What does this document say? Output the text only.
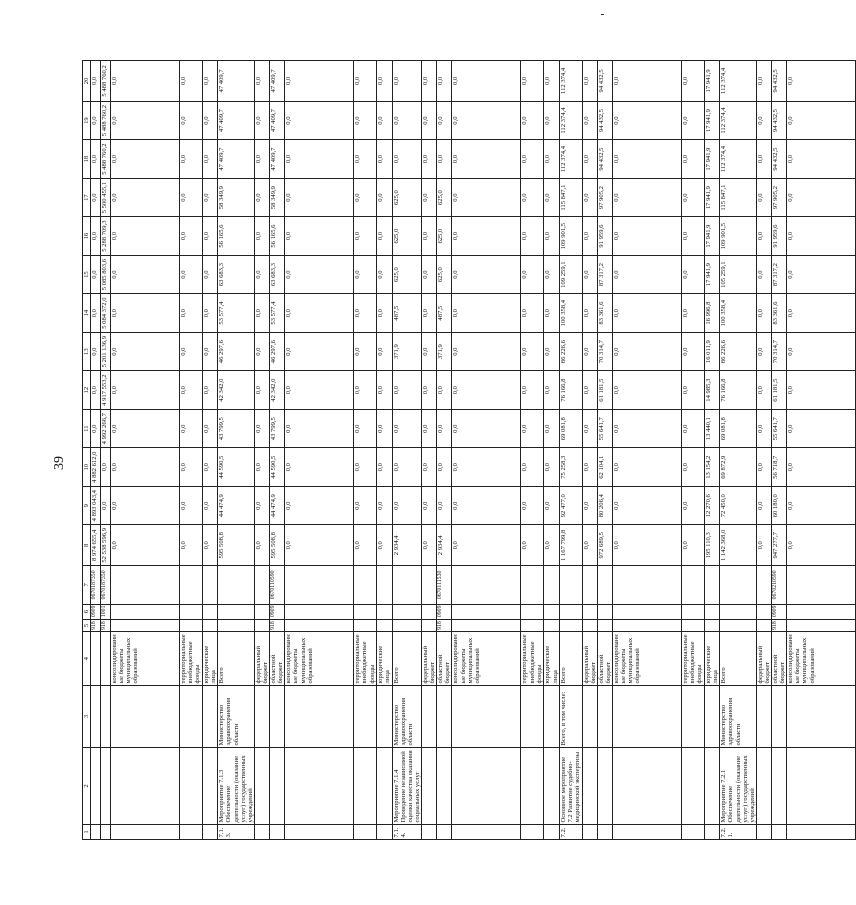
39
1	2	3	4	5	6	7	8	9	10	11	12	13	14	15	16	17	18	19	20
				918	0909	0670187350	8 974 655,4	4 893 043,4	4 882 612,0	0,0	0,0	0,0	0,0	0,0	0,0	0,0	0,0	0,0	0,0
				918	1001	0670187350	52 538 596,9	0,0	0,0	4 992 266,7	4 917 553,2	5 201 136,9	5 084 372,0	5 085 803,6	5 288 709,3	5 500 455,1	5 488 760,2	5 488 760,2	5 488 760,2
			консолидированные бюджеты муниципальных образований				0,0	0,0	0,0	0,0	0,0	0,0	0,0	0,0	0,0	0,0	0,0	0,0	0,0
			территориальные внебюджетные фонды				0,0	0,0	0,0	0,0	0,0	0,0	0,0	0,0	0,0	0,0	0,0	0,0	0,0
			юридические лица				0,0	0,0	0,0	0,0	0,0	0,0	0,0	0,0	0,0	0,0	0,0	0,0	0,0
7.1.3.	Мероприятие 7.1.3 Обеспечение деятельности (оказание услуг) государственных учреждений	Министерство здравоохранения области	Всего				595 508,8	44 474,9	44 590,5	43 799,5	42 342,0	46 297,6	53 577,4	63 683,3	56 165,6	58 349,9	47 409,7	47 409,7	47 409,7
			федеральный бюджет				0,0	0,0	0,0	0,0	0,0	0,0	0,0	0,0	0,0	0,0	0,0	0,0	0,0
			областной бюджет	918	0909	0670110590	595 508,8	44 474,9	44 590,5	43 799,5	42 342,0	46 297,6	53 577,4	63 683,3	56 165,6	58 349,9	47 409,7	47 409,7	47 409,7
			консолидированные бюджеты муниципальных образований				0,0	0,0	0,0	0,0	0,0	0,0	0,0	0,0	0,0	0,0	0,0	0,0	0,0
			территориальные внебюджетные фонды				0,0	0,0	0,0	0,0	0,0	0,0	0,0	0,0	0,0	0,0	0,0	0,0	0,0
			юридические лица				0,0	0,0	0,0	0,0	0,0	0,0	0,0	0,0	0,0	0,0	0,0	0,0	0,0
7.1.4.	Мероприятие 7.1.4 Проведение независимой оценки качества оказания социальных услуг	Министерство здравоохранения области	Всего				2 934,4	0,0	0,0	0,0	0,0	371,9	487,5	625,0	625,0	625,0	0,0	0,0	0,0
			федеральный бюджет				0,0	0,0	0,0	0,0	0,0	0,0	0,0	0,0	0,0	0,0	0,0	0,0	0,0
			областной бюджет	918	0909	0670111530	2 934,4	0,0	0,0	0,0	0,0	371,9	487,5	625,0	625,0	625,0	0,0	0,0	0,0
			консолидированные бюджеты муниципальных образований				0,0	0,0	0,0	0,0	0,0	0,0	0,0	0,0	0,0	0,0	0,0	0,0	0,0
			территориальные внебюджетные фонды				0,0	0,0	0,0	0,0	0,0	0,0	0,0	0,0	0,0	0,0	0,0	0,0	0,0
			юридические лица				0,0	0,0	0,0	0,0	0,0	0,0	0,0	0,0	0,0	0,0	0,0	0,0	0,0
7.2.	Основное мероприятие 7.2 Развитие судебно-медицинской экспертизы	Всего, в том числе:	Всего				1 167 799,8	92 477,0	75 258,3	69 081,8	76 166,8	86 226,6	100 358,4	109 259,1	109 901,5	115 847,1	112 374,4	112 374,4	112 374,4
			федеральный бюджет				0,0	0,0	0,0	0,0	0,0	0,0	0,0	0,0	0,0	0,0	0,0	0,0	0,0
			областной бюджет				972 689,5	80 206,4	62 104,1	55 641,7	61 181,5	70 314,7	83 361,6	87 317,2	91 959,6	97 905,2	94 432,5	94 432,5	94 432,5
			консолидированные бюджеты муниципальных образований				0,0	0,0	0,0	0,0	0,0	0,0	0,0	0,0	0,0	0,0	0,0	0,0	0,0
			территориальные внебюджетные фонды				0,0	0,0	0,0	0,0	0,0	0,0	0,0	0,0	0,0	0,0	0,0	0,0	0,0
			юридические лица				195 110,3	12 270,6	13 154,2	13 440,1	14 985,3	16 011,9	16 996,8	17 941,9	17 941,9	17 941,9	17 941,9	17 941,9	17 941,9
7.2.1.	Мероприятие 7.2.1 Обеспечение деятельности (оказание услуг) государственных учреждений	Министерство здравоохранения области	Всего				1 142 368,0	72 450,0	69 872,9	69 081,8	76 166,8	86 226,6	100 358,4	105 259,1	109 901,5	115 847,1	112 374,4	112 374,4	112 374,4
			федеральный бюджет				0,0	0,0	0,0	0,0	0,0	0,0	0,0	0,0	0,0	0,0	0,0	0,0	0,0
			областной бюджет	918	0909	0670210590	947 277,7	60 180,0	56 718,7	55 641,7	61 181,5	70 314,7	83 361,6	87 317,2	91 959,6	97 905,2	94 432,5	94 432,5	94 432,5
			консолидированные бюджеты муниципальных образований				0,0	0,0	0,0	0,0	0,0	0,0	0,0	0,0	0,0	0,0	0,0	0,0	0,0
